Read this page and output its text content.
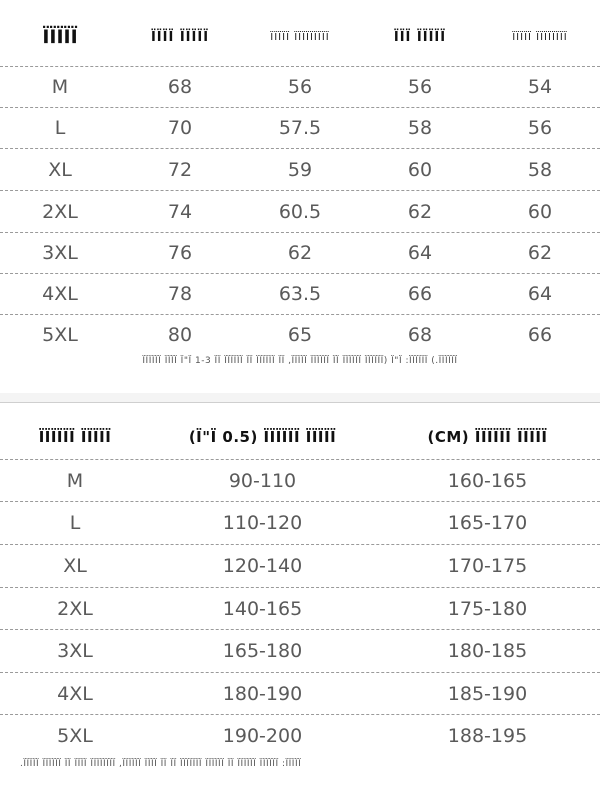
ΪΪΪΪΪ	ΪΪΪΪ ΪΪΪΪΪ	ΪΪΪΪΪ ΪΪΪΪΪΪΪΪΪ	ΪΪΪ ΪΪΪΪΪ	ΪΪΪΪΪ ΪΪΪΪΪΪΪΪ
M	68	56	56	54
L	70	57.5	58	56
XL	72	59	60	58
2XL	74	60.5	62	60
3XL	76	62	64	62
4XL	78	63.5	66	64
5XL	80	65	68	66
ΪΪΪΪΪΪ ΪΪΪΪ Ϊ"Ϊ 1-3 ΪΪ ΪΪΪΪΪΪ ΪΪ ΪΪΪΪΪΪ ΪΪ ,ΪΪΪΪΪ ΪΪΪΪΪΪ ΪΪ ΪΪΪΪΪΪ ΪΪΪΪΪΪ) Ϊ"Ϊ :ΪΪΪΪΪΪ (.ΪΪΪΪΪΪ
ΪΪΪΪΪΪ ΪΪΪΪΪ	(Ϊ"Ϊ 0.5) ΪΪΪΪΪΪ ΪΪΪΪΪ	(CM) ΪΪΪΪΪΪ ΪΪΪΪΪ
M	90-110	160-165
L	110-120	165-170
XL	120-140	170-175
2XL	140-165	175-180
3XL	165-180	180-185
4XL	180-190	185-190
5XL	190-200	188-195
.ΪΪΪΪΪ ΪΪΪΪΪΪ ΪΪ ΪΪΪΪ ΪΪΪΪΪΪΪΪ ,ΪΪΪΪΪΪ ΪΪΪΪ ΪΪ ΪΪ ΪΪΪΪΪΪΪ ΪΪΪΪΪΪ ΪΪ ΪΪΪΪΪΪ ΪΪΪΪΪΪ :ΪΪΪΪΪ
